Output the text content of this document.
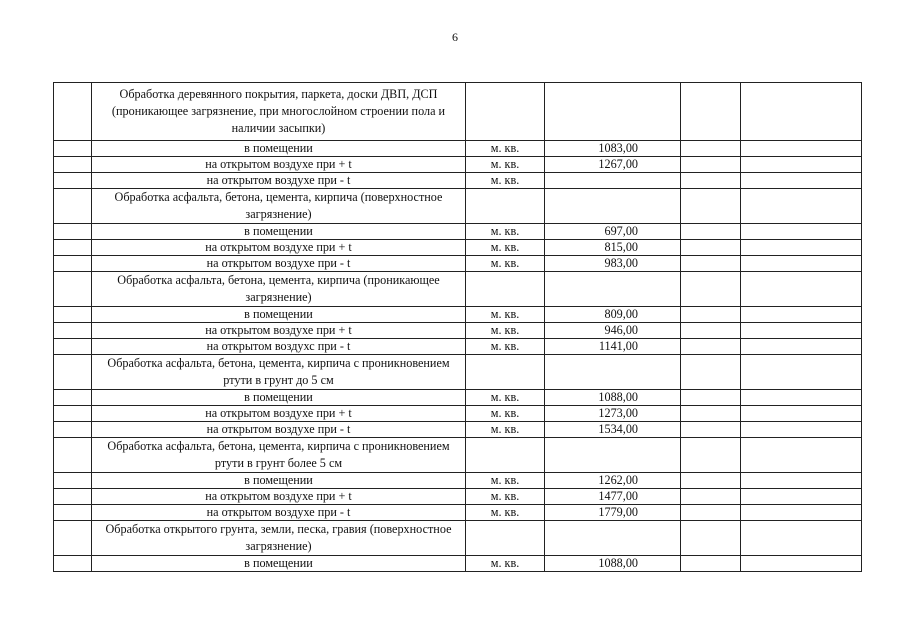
6
	Обработка деревянного покрытия, паркета, доски ДВП, ДСП (проникающее загрязнение, при многослойном строении пола и наличии засыпки)				
	в помещении	м. кв.	1083,00		
	на открытом воздухе при + t	м. кв.	1267,00		
	на открытом воздухе при - t	м. кв.			
	Обработка асфальта, бетона, цемента, кирпича (поверхностное загрязнение)				
	в помещении	м. кв.	697,00		
	на открытом воздухе при + t	м. кв.	815,00		
	на открытом воздухе при - t	м. кв.	983,00		
	Обработка асфальта, бетона, цемента, кирпича (проникающее загрязнение)				
	в помещении	м. кв.	809,00		
	на открытом воздухе при + t	м. кв.	946,00		
	на открытом воздухс при - t	м. кв.	1141,00		
	Обработка асфальта, бетона, цемента, кирпича с проникновением ртути в грунт до 5 см				
	в помещении	м. кв.	1088,00		
	на открытом воздухе при + t	м. кв.	1273,00		
	на открытом воздухе при - t	м. кв.	1534,00		
	Обработка асфальта, бетона, цемента, кирпича с проникновением ртути в грунт более 5 см				
	в помещении	м. кв.	1262,00		
	на открытом воздухе при + t	м. кв.	1477,00		
	на открытом воздухе при - t	м. кв.	1779,00		
	Обработка открытого грунта, земли, песка, гравия (поверхностное загрязнение)				
	в помещении	м. кв.	1088,00		
